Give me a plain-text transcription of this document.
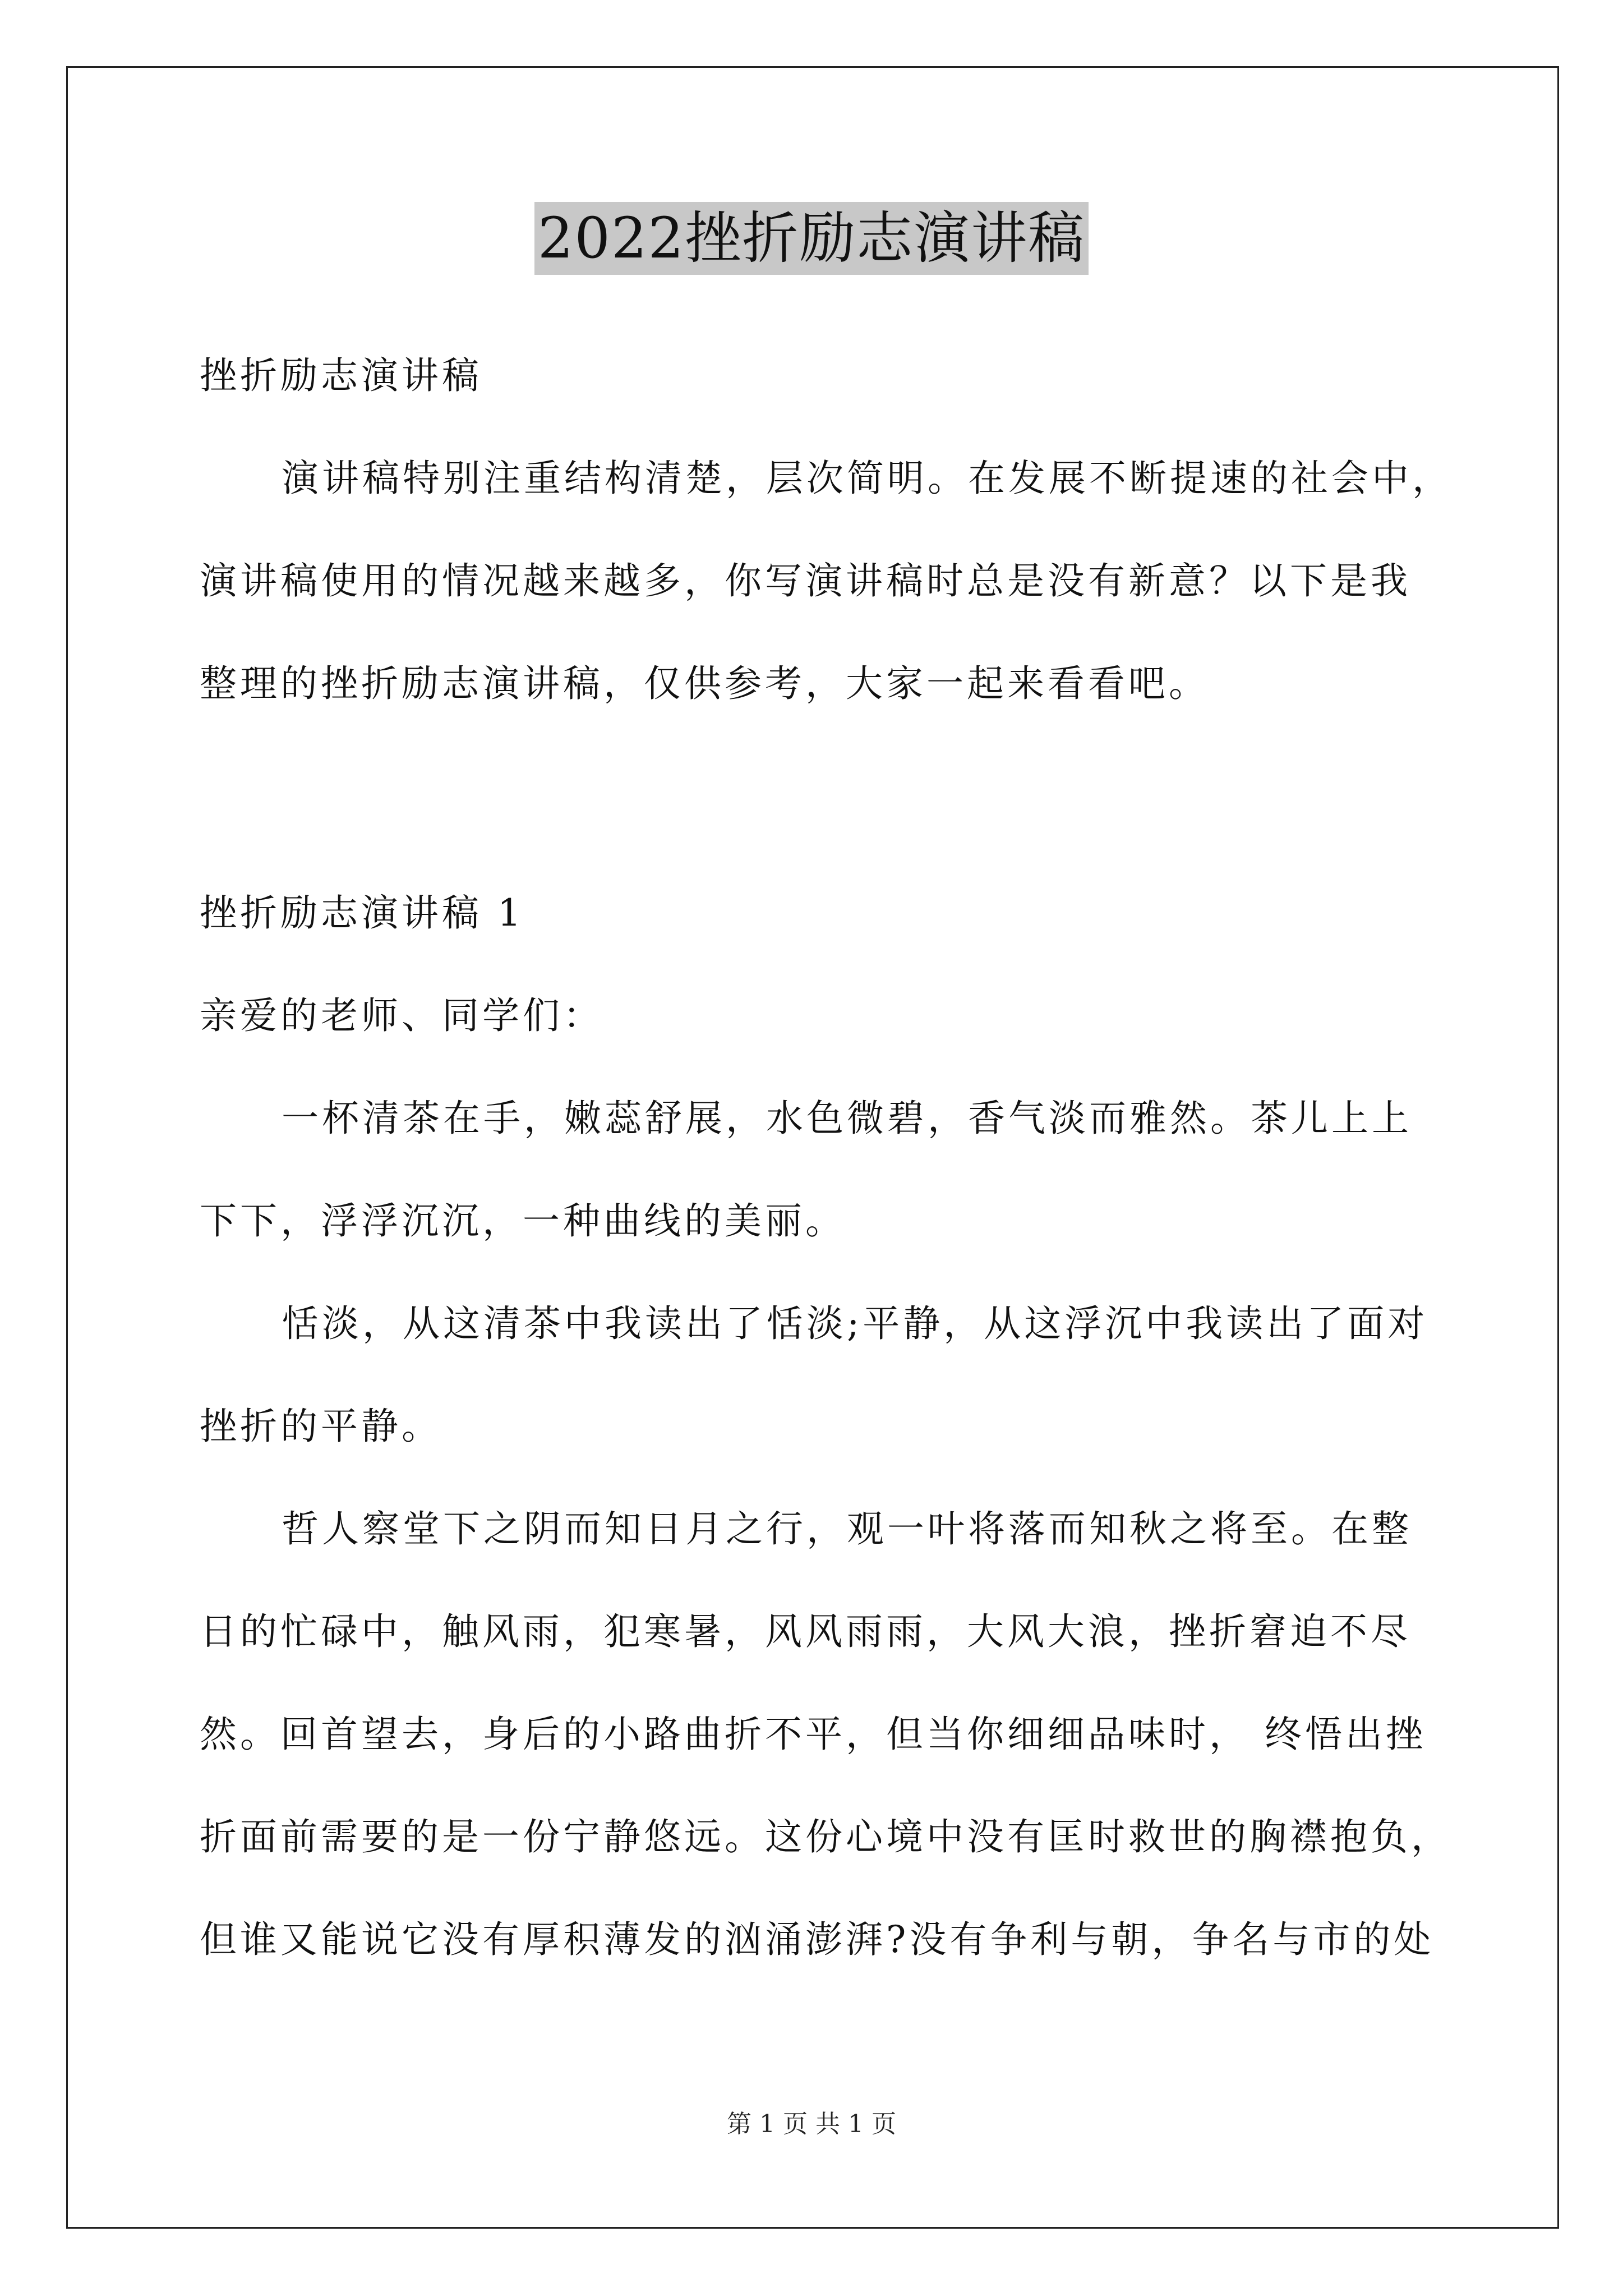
2022挫折励志演讲稿
挫折励志演讲稿
演讲稿特别注重结构清楚，层次简明。在发展不断提速的社会中，
演讲稿使用的情况越来越多，你写演讲稿时总是没有新意？以下是我
整理的挫折励志演讲稿，仅供参考，大家一起来看看吧。
挫折励志演讲稿 1
亲爱的老师、同学们：
一杯清茶在手，嫩蕊舒展，水色微碧，香气淡而雅然。茶儿上上
下下，浮浮沉沉，一种曲线的美丽。
恬淡，从这清茶中我读出了恬淡;平静，从这浮沉中我读出了面对
挫折的平静。
哲人察堂下之阴而知日月之行，观一叶将落而知秋之将至。在整
日的忙碌中，触风雨，犯寒暑，风风雨雨，大风大浪，挫折窘迫不尽
然。回首望去，身后的小路曲折不平，但当你细细品味时， 终悟出挫
折面前需要的是一份宁静悠远。这份心境中没有匡时救世的胸襟抱负，
但谁又能说它没有厚积薄发的汹涌澎湃?没有争利与朝，争名与市的处
第 1 页 共 1 页
